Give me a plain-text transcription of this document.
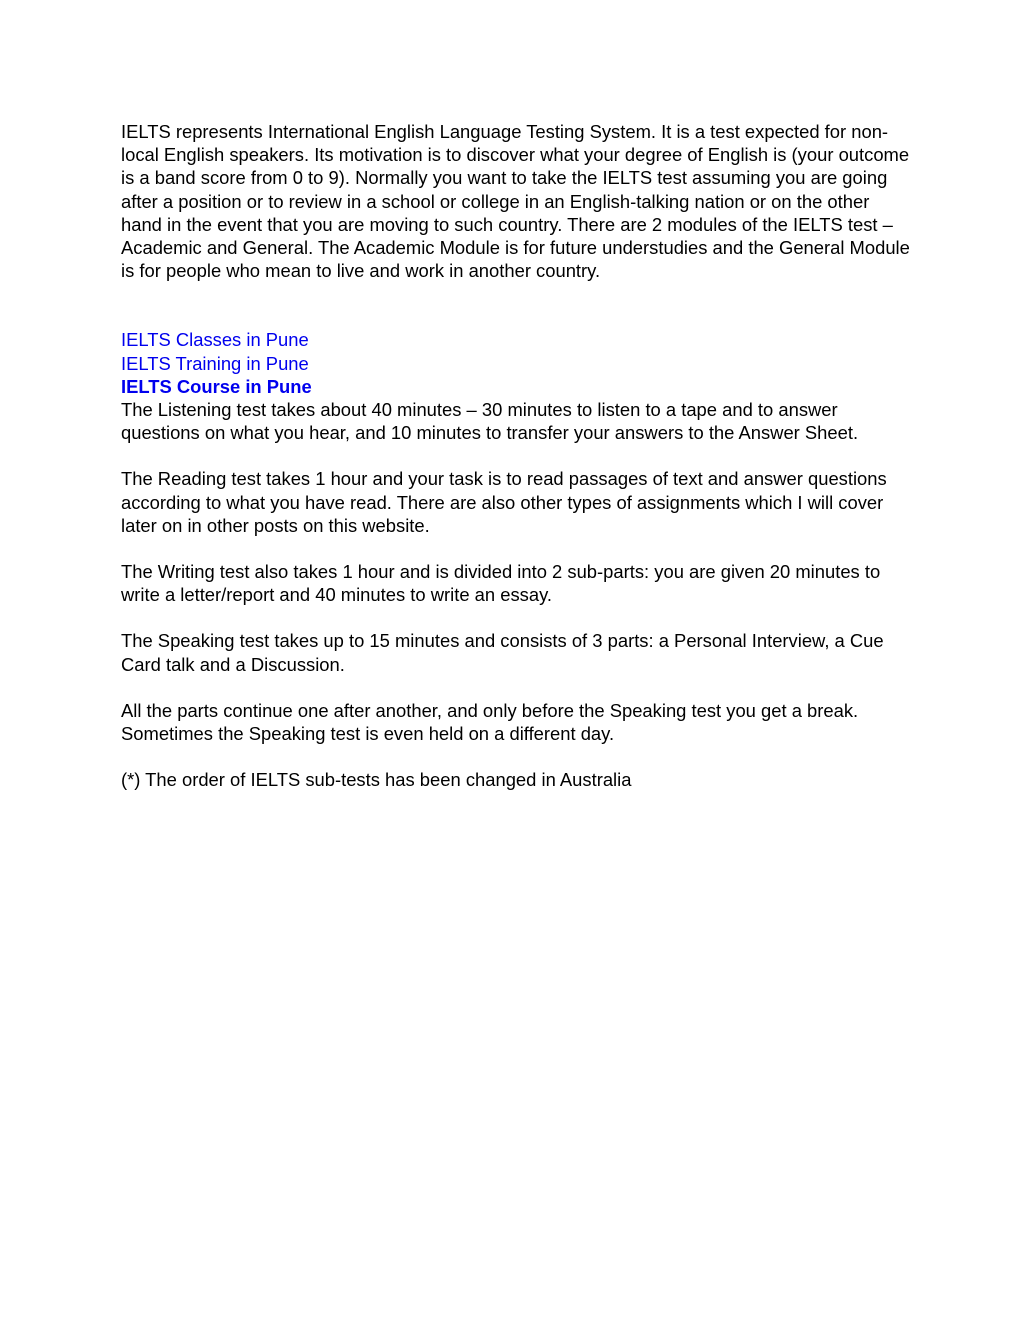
IELTS represents International English Language Testing System. It is a test expected for non-local English speakers. Its motivation is to discover what your degree of English is (your outcome is a band score from 0 to 9). Normally you want to take the IELTS test assuming you are going after a position or to review in a school or college in an English-talking nation or on the other hand in the event that you are moving to such country. There are 2 modules of the IELTS test – Academic and General. The Academic Module is for future understudies and the General Module is for people who mean to live and work in another country.

IELTS Classes in Pune
IELTS Training in Pune
IELTS Course in Pune

The Listening test takes about 40 minutes – 30 minutes to listen to a tape and to answer questions on what you hear, and 10 minutes to transfer your answers to the Answer Sheet.

The Reading test takes 1 hour and your task is to read passages of text and answer questions according to what you have read. There are also other types of assignments which I will cover later on in other posts on this website.

The Writing test also takes 1 hour and is divided into 2 sub-parts: you are given 20 minutes to write a letter/report and 40 minutes to write an essay.

The Speaking test takes up to 15 minutes and consists of 3 parts: a Personal Interview, a Cue Card talk and a Discussion.

All the parts continue one after another, and only before the Speaking test you get a break. Sometimes the Speaking test is even held on a different day.

(*) The order of IELTS sub-tests has been changed in Australia
